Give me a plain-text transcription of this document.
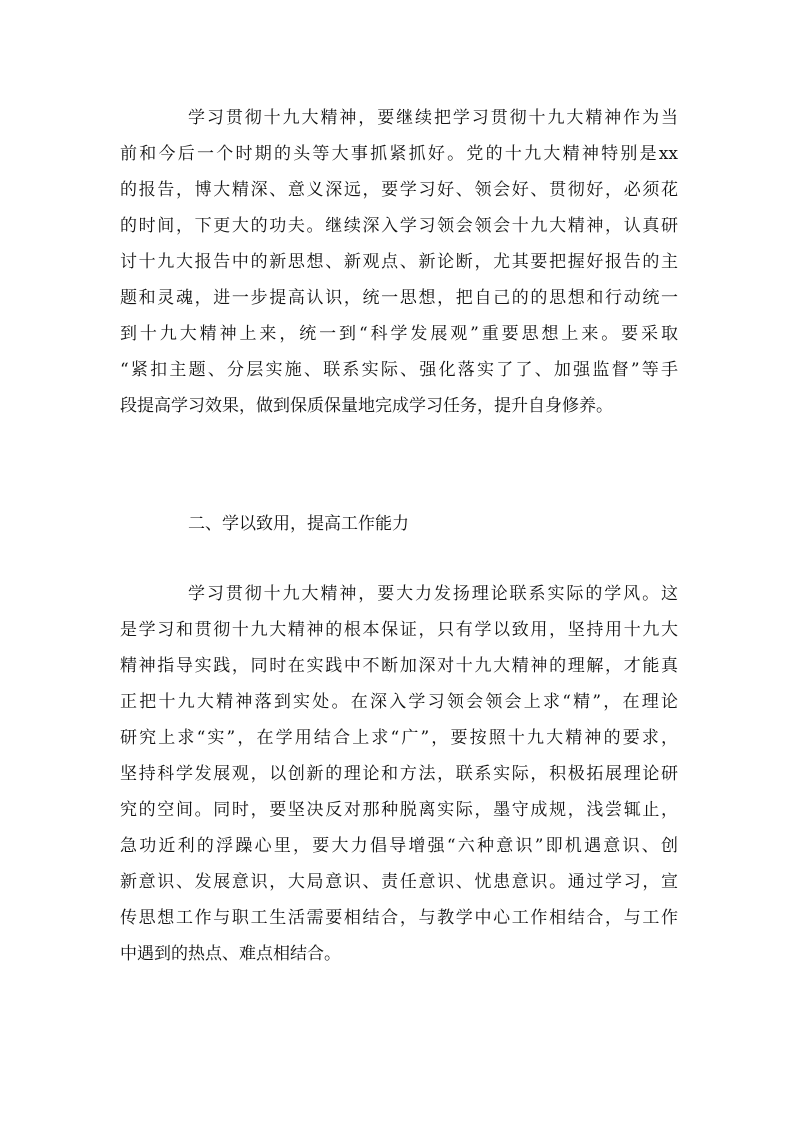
学习贯彻十九大精神，要继续把学习贯彻十九大精神作为当
前和今后一个时期的头等大事抓紧抓好。党的十九大精神特别是xx
的报告，博大精深、意义深远，要学习好、领会好、贯彻好，必须花
的时间，下更大的功夫。继续深入学习领会领会十九大精神，认真研
讨十九大报告中的新思想、新观点、新论断，尤其要把握好报告的主
题和灵魂，进一步提高认识，统一思想，把自己的的思想和行动统一
到十九大精神上来，统一到“科学发展观”重要思想上来。要采取
“紧扣主题、分层实施、联系实际、强化落实了了、加强监督”等手
段提高学习效果，做到保质保量地完成学习任务，提升自身修养。
二、学以致用，提高工作能力
学习贯彻十九大精神，要大力发扬理论联系实际的学风。这
是学习和贯彻十九大精神的根本保证，只有学以致用，坚持用十九大
精神指导实践，同时在实践中不断加深对十九大精神的理解，才能真
正把十九大精神落到实处。在深入学习领会领会上求“精”，在理论
研究上求“实”，在学用结合上求“广”，要按照十九大精神的要求，
坚持科学发展观，以创新的理论和方法，联系实际，积极拓展理论研
究的空间。同时，要坚决反对那种脱离实际，墨守成规，浅尝辄止，
急功近利的浮躁心里，要大力倡导增强“六种意识”即机遇意识、创
新意识、发展意识，大局意识、责任意识、忧患意识。通过学习，宣
传思想工作与职工生活需要相结合，与教学中心工作相结合，与工作
中遇到的热点、难点相结合。
